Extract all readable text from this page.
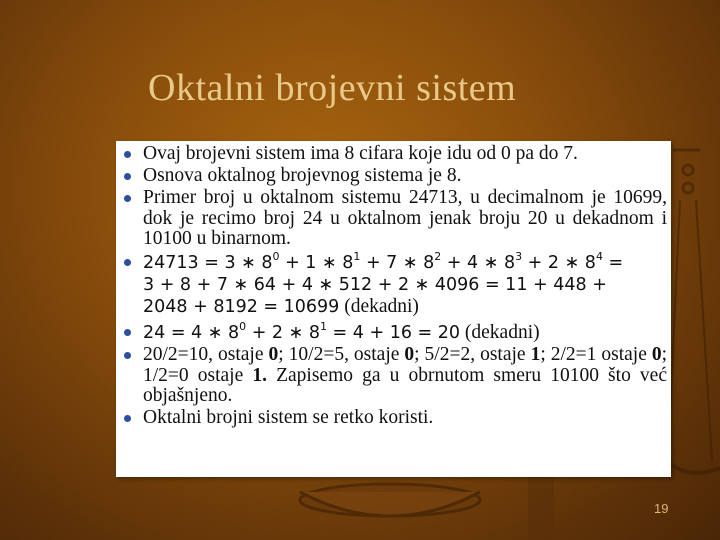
Oktalni brojevni sistem
Ovaj brojevni sistem ima 8 cifara koje idu od 0 pa do 7.
Osnova oktalnog brojevnog sistema je 8.
Primer broj u oktalnom sistemu 24713, u decimalnom je 10699, dok je recimo broj 24 u oktalnom jenak broju 20 u dekadnom i 10100 u binarnom.
24713 = 3 ∗ $8^0 + 1$ ∗ $8^1 + 7$ ∗ $8^2 + 4$ ∗ $8^3 + 2$ ∗ $8^4$ =
3 + 8 + 7 ∗ 64 + 4 ∗ 512 + 2 ∗ 4096 = 11 + 448 +
2048 + 8192 = 10699 (dekadni)
24 = 4 ∗ $8^0 + 2$ ∗ $8^1 = 4 + 16 = 20$ (dekadni)
20/2=10, ostaje 0; 10/2=5, ostaje 0; 5/2=2, ostaje 1; 2/2=1 ostaje 0; 1/2=0 ostaje 1. Zapisemo ga u obrnutom smeru 10100 što već objašnjeno.
Oktalni brojni sistem se retko koristi.
19
